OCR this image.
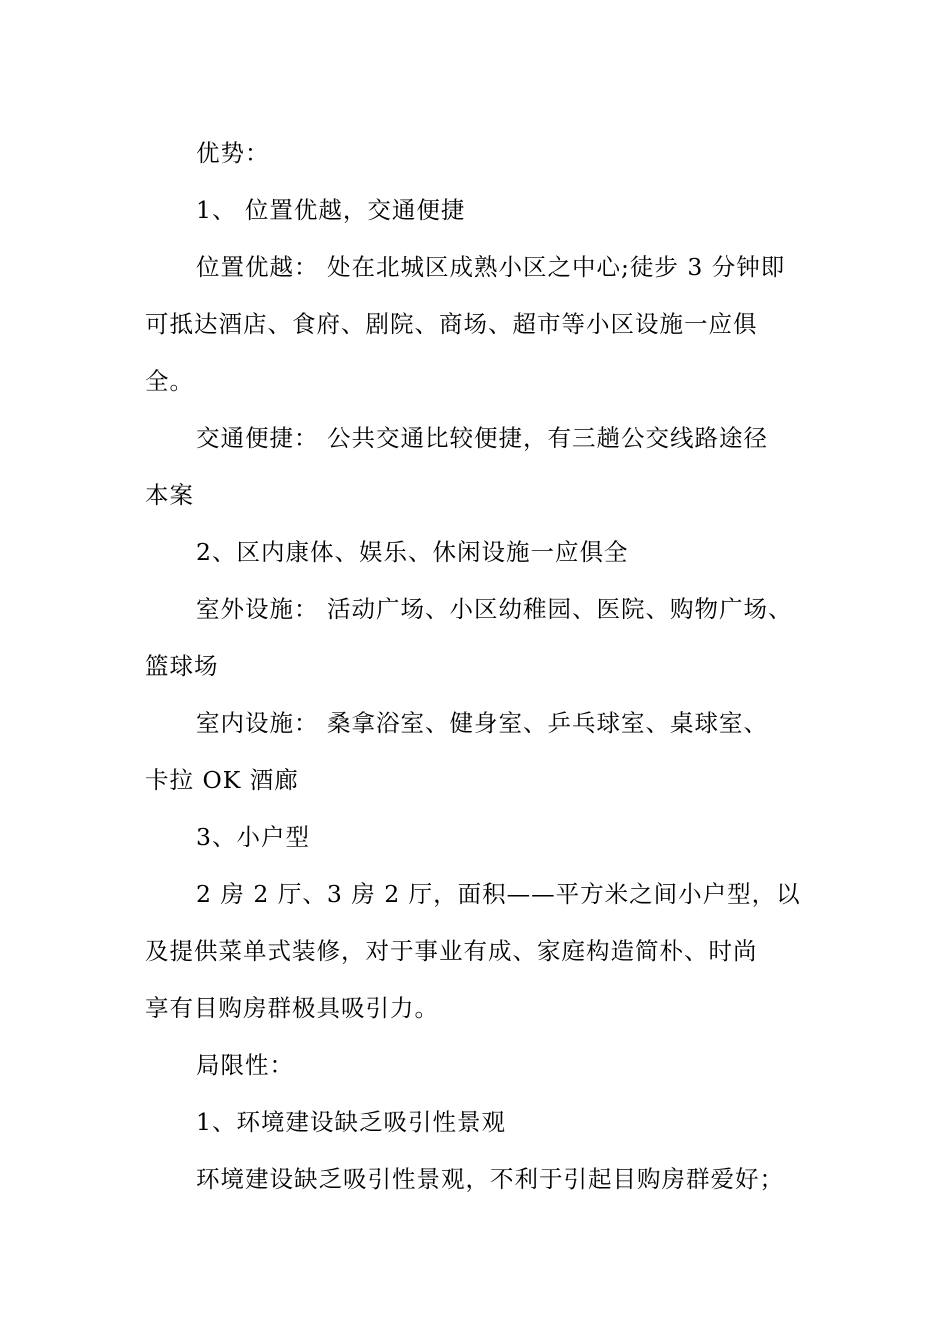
优势：
1、 位置优越，交通便捷
位置优越： 处在北城区成熟小区之中心;徒步 3 分钟即
可抵达酒店、食府、剧院、商场、超市等小区设施一应俱
全。
交通便捷： 公共交通比较便捷，有三趟公交线路途径
本案
2、区内康体、娱乐、休闲设施一应俱全
室外设施： 活动广场、小区幼稚园、医院、购物广场、
篮球场
室内设施： 桑拿浴室、健身室、乒乓球室、桌球室、
卡拉 OK 酒廊
3、小户型
2 房 2 厅、3 房 2 厅，面积——平方米之间小户型，以
及提供菜单式装修，对于事业有成、家庭构造简朴、时尚
享有目购房群极具吸引力。
局限性：
1、环境建设缺乏吸引性景观
环境建设缺乏吸引性景观，不利于引起目购房群爱好；
